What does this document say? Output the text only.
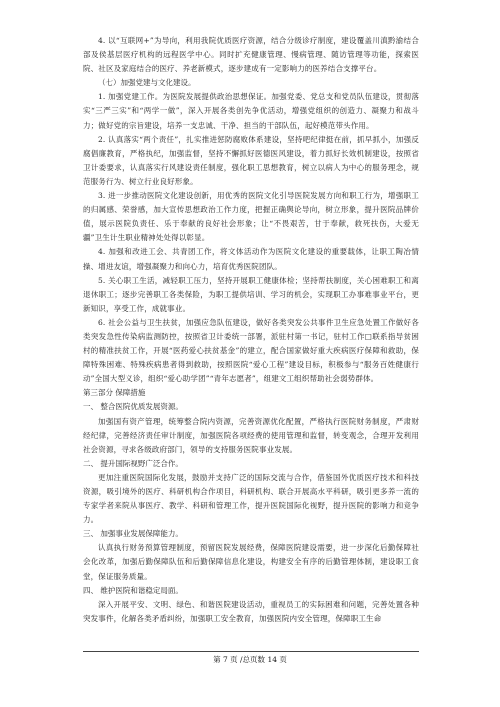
4. 以“互联网+”为导向，利用我院优质医疗资源，结合分级诊疗制度，建设覆盖川滇黔渝结合部及侯基层医疗机构的远程医学中心。同时扩充健康管理、慢病管理、随访管理等功能，探索医院、社区及家庭结合的医疗、养老新模式，逐步建成有一定影响力的医养结合支撑平台。

（七）加强党建与文化建设。

1. 加强党建工作。为医院发展提供政治思想保证。加强党委、党总支和党员队伍建设，贯彻落实“三严三实”和“两学一做”，深入开展各类创先争优活动，增强党组织的创造力、凝聚力和战斗力；做好党的宗旨建设，培养一支忠诚、干净、担当的干部队伍，起好模范带头作用。

2. 认真落实“两个责任”，扎实推进惩防腐败体系建设，坚持吧纪律挺在前，抓早抓小，加强反腐倡廉教育，严格执纪，加强监督，坚持不懈抓好医德医风建设，着力抓好长效机制建设，按照省卫计委要求，认真落实行风建设责任制度，强化职工思想教育，树立以病人为中心的服务理念，规范服务行为、树立行业良好形象。

3. 进一步推动医院文化建设创新，用优秀的医院文化引导医院发展方向和职工行为，增强职工的归属感、荣誉感，加大宣传思想政治工作力度，把握正确舆论导向，树立形象，提升医院品牌价值，展示医院负责任、乐于奉献的良好社会形象；让“不畏艰苦，甘于奉献，救死扶伤，大爱无疆”卫生计生职业精神处处得以彰显。

4. 加强和改进工会、共青团工作，将文体活动作为医院文化建设的重要载体，让职工陶冶情操、增进友谊，增强凝聚力和向心力，培育优秀医院团队。

5. 关心职工生活，减轻职工压力，坚持开展职工健康体检；坚持帮扶制度，关心困难职工和离退休职工；逐步完善职工各类保险，为职工提供培训、学习的机会，实现职工办事难事业平台，更新知识，享受工作，成就事业。

6. 社会公益与卫生扶贫，加强应急队伍建设，做好各类突发公共事件卫生应急处置工作做好各类突发急性传染病监测防控，按照省卫计委统一部署，派驻村第一书记，驻村工作□联系指导贫困村的精准扶贫工作，开展“医药爱心扶贫基金”的建立，配合国家做好重大疾病医疗保障和救助，保障特殊困难、特殊疾病患者得到救助，按照医院“爱心工程”建设目标，积极参与“服务百姓健康行动”全国大型义诊，组织“爱心助学团”“青年志愿者”，组建文工组织帮助社会弱势群体。

第三部分 保障措施

一、 整合医院优质发展资源。

加强国有资产管理，统筹整合院内资源，完善资源优化配置，严格执行医院财务制度，严肃财经纪律，完善经济责任审计制度，加强医院各项经费的使用管理和监督，转变观念，合理开发利用社会资源，寻求各级政府部门，领导的支持服务医院事业发展。

二、 提升国际视野广泛合作。

更加注重医院国际化发展，鼓励并支持广泛的国际交流与合作，借鉴国外优质医疗技术和科技资源，吸引境外的医疗、科研机构合作项目，科研机构、联合开展高水平科研，吸引更多养一流的专家学者来院从事医疗、教学、科研和管理工作，提升医院国际化视野，提升医院的影响力和竞争力。

三、 加强事业发展保障能力。

认真执行财务预算管理制度，预留医院发展经费，保障医院建设需要，进一步深化后勤保障社会化改革，加强后勤保障队伍和后勤保障信息化建设，构建安全有序的后勤管理体制，建设职工食堂，保证服务质量。

四、 维护医院和谐稳定局面。

深入开展平安、文明、绿色、和谐医院建设活动，重视员工的实际困难和问题，完善处置各种突发事件，化解各类矛盾纠纷，加强职工安全教育，加强医院内安全管理，保障职工生命

第 7 页 /总页数 14 页
